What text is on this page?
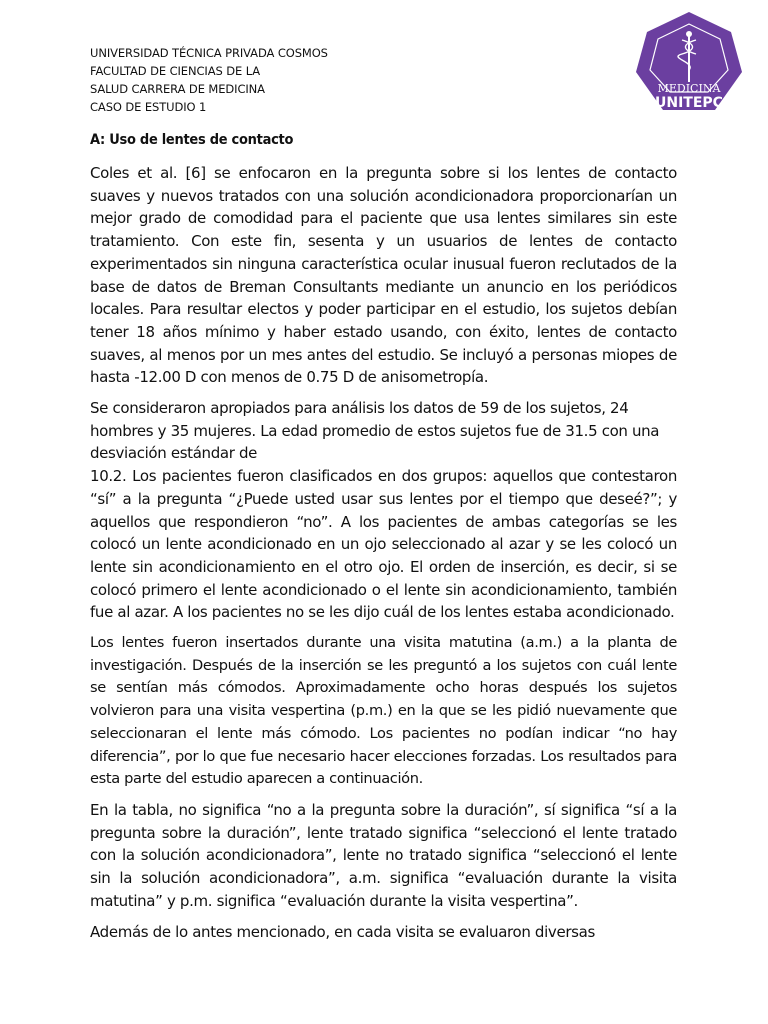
UNIVERSIDAD TÉCNICA PRIVADA COSMOS
FACULTAD DE CIENCIAS DE LA
SALUD CARRERA DE MEDICINA
CASO DE ESTUDIO 1
MEDICINA
UNITEPC
A: Uso de lentes de contacto

Coles et al. [6] se enfocaron en la pregunta sobre si los lentes de contacto suaves y nuevos tratados con una solución acondicionadora proporcionarían un mejor grado de comodidad para el paciente que usa lentes similares sin este tratamiento. Con este fin, sesenta y un usuarios de lentes de contacto experimentados sin ninguna característica ocular inusual fueron reclutados de la base de datos de Breman Consultants mediante un anuncio en los periódicos locales. Para resultar electos y poder participar en el estudio, los sujetos debían tener 18 años mínimo y haber estado usando, con éxito, lentes de contacto suaves, al menos por un mes antes del estudio. Se incluyó a personas miopes de hasta -12.00 D con menos de 0.75 D de anisometropía.

Se consideraron apropiados para análisis los datos de 59 de los sujetos, 24 hombres y 35 mujeres. La edad promedio de estos sujetos fue de 31.5 con una desviación estándar de

10.2. Los pacientes fueron clasificados en dos grupos: aquellos que contestaron “sí” a la pregunta “¿Puede usted usar sus lentes por el tiempo que deseé?”; y aquellos que respondieron “no”. A los pacientes de ambas categorías se les colocó un lente acondicionado en un ojo seleccionado al azar y se les colocó un lente sin acondicionamiento en el otro ojo. El orden de inserción, es decir, si se colocó primero el lente acondicionado o el lente sin acondicionamiento, también fue al azar. A los pacientes no se les dijo cuál de los lentes estaba acondicionado.

Los lentes fueron insertados durante una visita matutina (a.m.) a la planta de investigación. Después de la inserción se les preguntó a los sujetos con cuál lente se sentían más cómodos. Aproximadamente ocho horas después los sujetos volvieron para una visita vespertina (p.m.) en la que se les pidió nuevamente que seleccionaran el lente más cómodo. Los pacientes no podían indicar “no hay diferencia”, por lo que fue necesario hacer elecciones forzadas. Los resultados para esta parte del estudio aparecen a continuación.

En la tabla, no significa “no a la pregunta sobre la duración”, sí significa “sí a la pregunta sobre la duración”, lente tratado significa “seleccionó el lente tratado con la solución acondicionadora”, lente no tratado significa “seleccionó el lente sin la solución acondicionadora”, a.m. significa “evaluación durante la visita matutina” y p.m. significa “evaluación durante la visita vespertina”.

Además de lo antes mencionado, en cada visita se evaluaron diversas
